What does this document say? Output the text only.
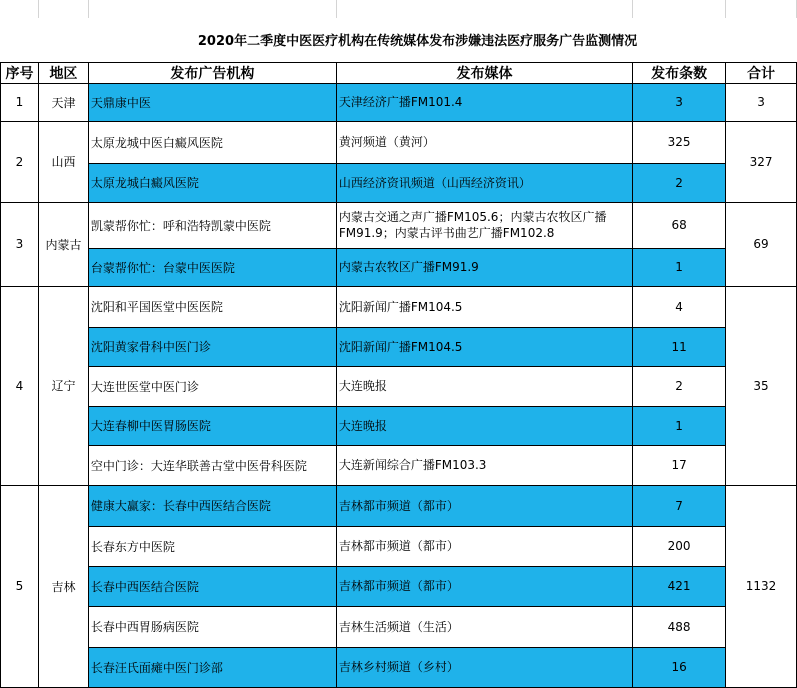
	2020年二季度中医医疗机构在传统媒体发布涉嫌违法医疗服务广告监测情况				
序号	地区	发布广告机构	发布媒体	发布条数	合计
1	天津	天鼎康中医	天津经济广播FM101.4	3	3
2	山西	太原龙城中医白癜风医院	黄河频道（黄河）	325	327
		太原龙城白癜风医院	山西经济资讯频道（山西经济资讯）	2	
3	内蒙古	凯蒙帮你忙：呼和浩特凯蒙中医院	内蒙古交通之声广播FM105.6；内蒙古农牧区广播FM91.9；内蒙古评书曲艺广播FM102.8	68	69
		台蒙帮你忙：台蒙中医医院	内蒙古农牧区广播FM91.9	1	
4	辽宁	沈阳和平国医堂中医医院	沈阳新闻广播FM104.5	4	35
		沈阳黄家骨科中医门诊	沈阳新闻广播FM104.5	11	
		大连世医堂中医门诊	大连晚报	2	
		大连春柳中医胃肠医院	大连晚报	1	
		空中门诊：大连华联善古堂中医骨科医院	大连新闻综合广播FM103.3	17	
5	吉林	健康大赢家：长春中西医结合医院	吉林都市频道（都市）	7	1132
		长春东方中医院	吉林都市频道（都市）	200	
		长春中西医结合医院	吉林都市频道（都市）	421	
		长春中西胃肠病医院	吉林生活频道（生活）	488	
		长春汪氏面瘫中医门诊部	吉林乡村频道（乡村）	16	
